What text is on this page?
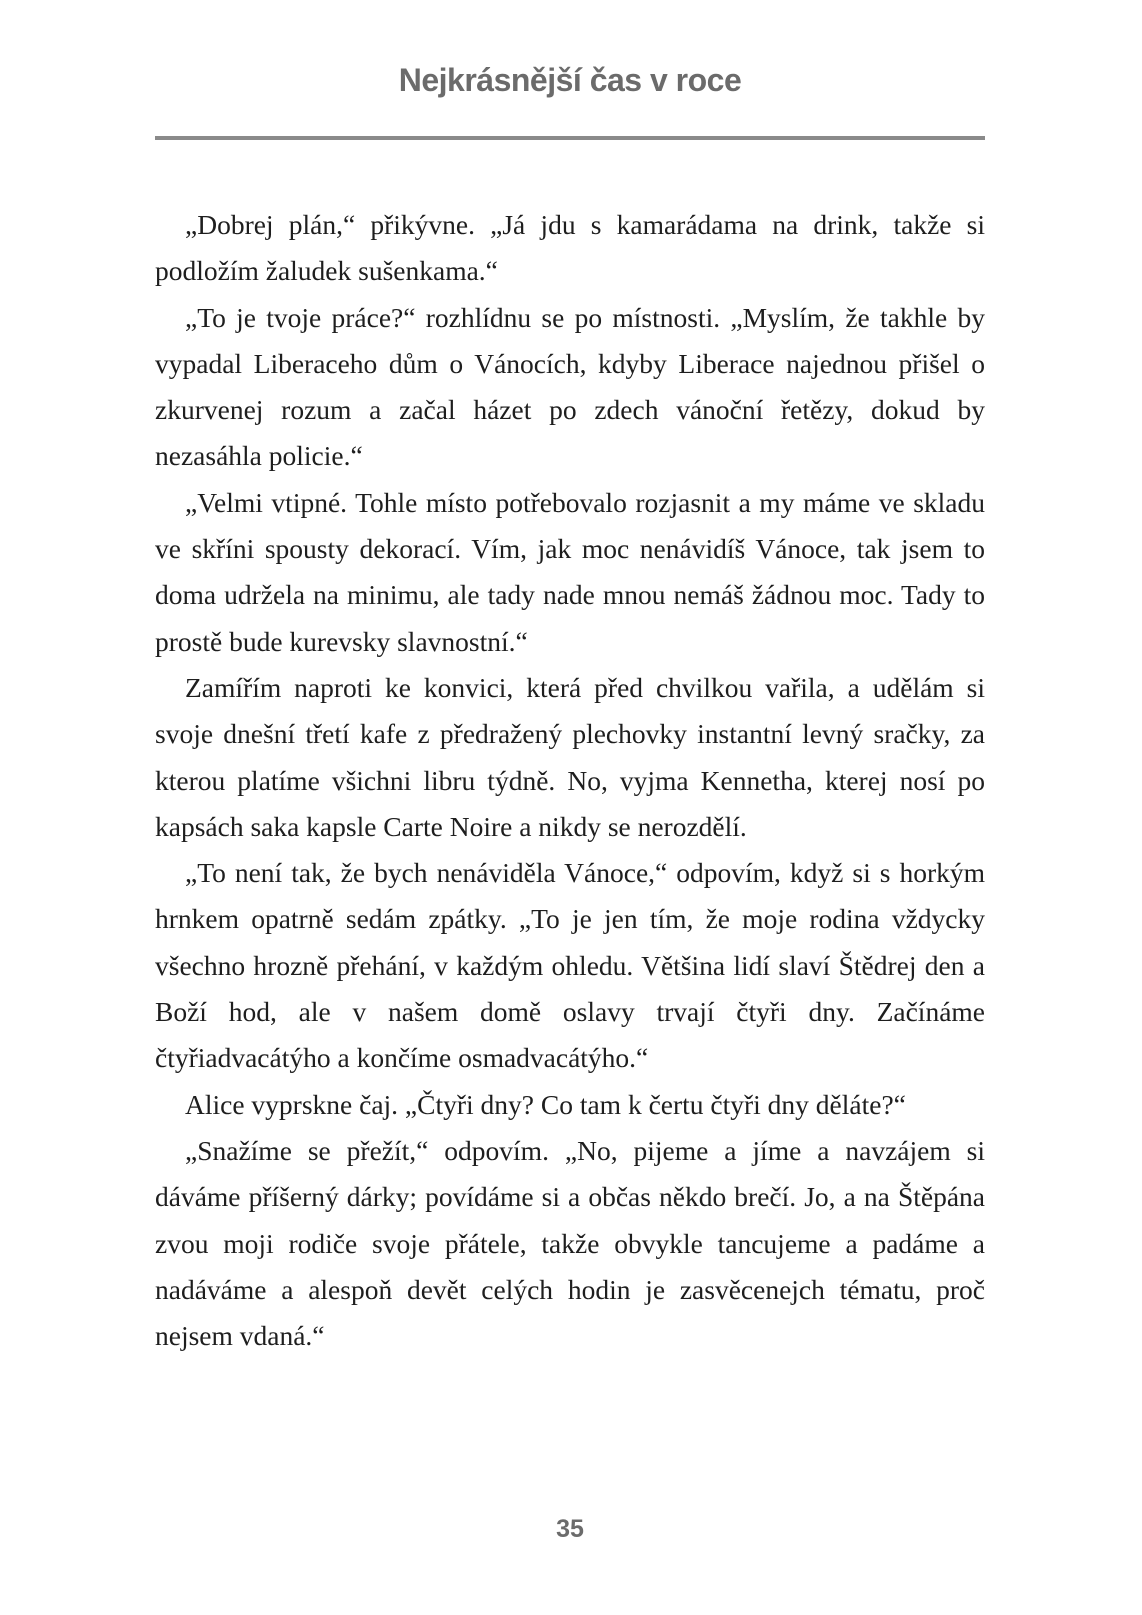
Nejkrásnější čas v roce

„Dobrej plán,“ přikývne. „Já jdu s kamarádama na drink, takže si podložím žaludek sušenkama.“

„To je tvoje práce?“ rozhlídnu se po místnosti. „Myslím, že takhle by vypadal Liberaceho dům o Vánocích, kdyby Liberace najednou přišel o zkurvenej rozum a začal házet po zdech vánoční řetězy, dokud by nezasáhla policie.“

„Velmi vtipné. Tohle místo potřebovalo rozjasnit a my máme ve skladu ve skříni spousty dekorací. Vím, jak moc nenávidíš Vánoce, tak jsem to doma udržela na minimu, ale tady nade mnou nemáš žádnou moc. Tady to prostě bude kurevsky slavnostní.“

Zamířím naproti ke konvici, která před chvilkou vařila, a udělám si svoje dnešní třetí kafe z předražený plechovky instantní levný sračky, za kterou platíme všichni libru týdně. No, vyjma Kennetha, kterej nosí po kapsách saka kapsle Carte Noire a nikdy se nerozdělí.

„To není tak, že bych nenáviděla Vánoce,“ odpovím, když si s horkým hrnkem opatrně sedám zpátky. „To je jen tím, že moje rodina vždycky všechno hrozně přehání, v každým ohledu. Většina lidí slaví Štědrej den a Boží hod, ale v našem domě oslavy trvají čtyři dny. Začínáme čtyřiadvacátýho a končíme osmadvacátýho.“

Alice vyprskne čaj. „Čtyři dny? Co tam k čertu čtyři dny děláte?“

„Snažíme se přežít,“ odpovím. „No, pijeme a jíme a navzájem si dáváme příšerný dárky; povídáme si a občas někdo brečí. Jo, a na Štěpána zvou moji rodiče svoje přátele, takže obvykle tancujeme a padáme a nadáváme a alespoň devět celých hodin je zasvěcenejch tématu, proč nejsem vdaná.“

35
